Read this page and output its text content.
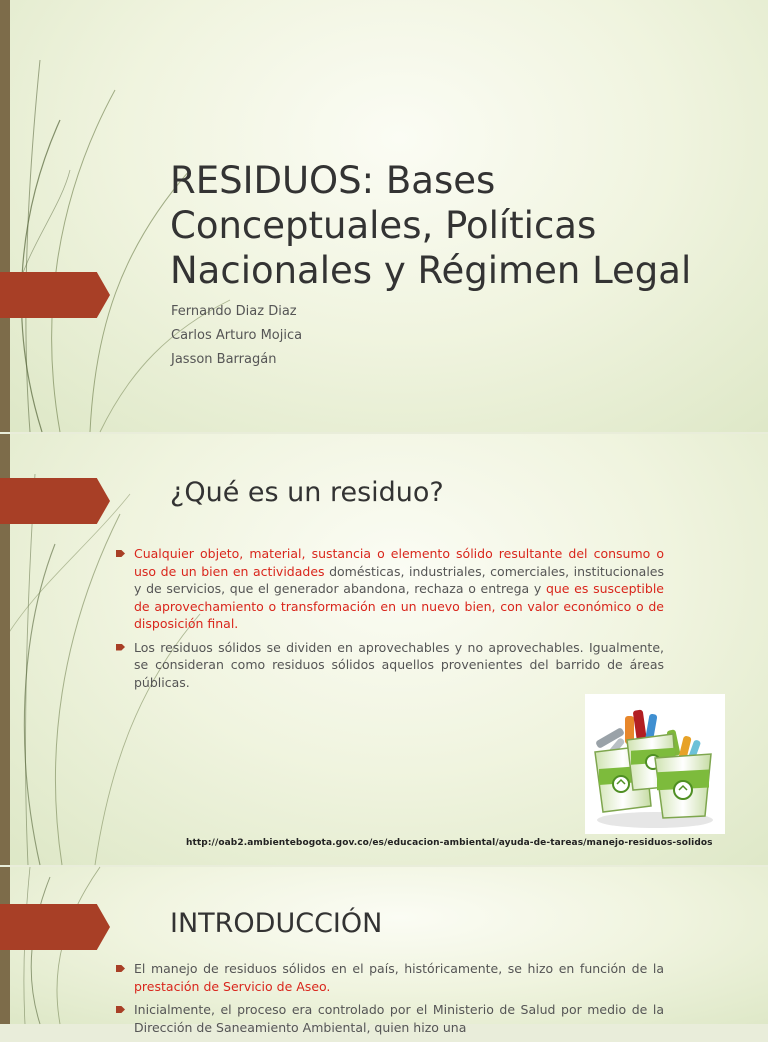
RESIDUOS: Bases Conceptuales, Políticas Nacionales y Régimen Legal
Fernando Diaz Diaz
Carlos Arturo Mojica
Jasson Barragán
¿Qué es un residuo?
Cualquier objeto, material, sustancia o elemento sólido resultante del consumo o uso de un bien en actividades domésticas, industriales, comerciales, institucionales y de servicios, que el generador abandona, rechaza o entrega y que es susceptible de aprovechamiento o transformación en un nuevo bien, con valor económico o de disposición final.
Los residuos sólidos se dividen en aprovechables y no aprovechables. Igualmente, se consideran como residuos sólidos aquellos provenientes del barrido de áreas públicas.
http://oab2.ambientebogota.gov.co/es/educacion-ambiental/ayuda-de-tareas/manejo-residuos-solidos
INTRODUCCIÓN
El manejo de residuos sólidos en el país, históricamente, se hizo en función de la prestación de Servicio de Aseo.
Inicialmente, el proceso era controlado por el Ministerio de Salud por medio de la Dirección de Saneamiento Ambiental, quien hizo una
